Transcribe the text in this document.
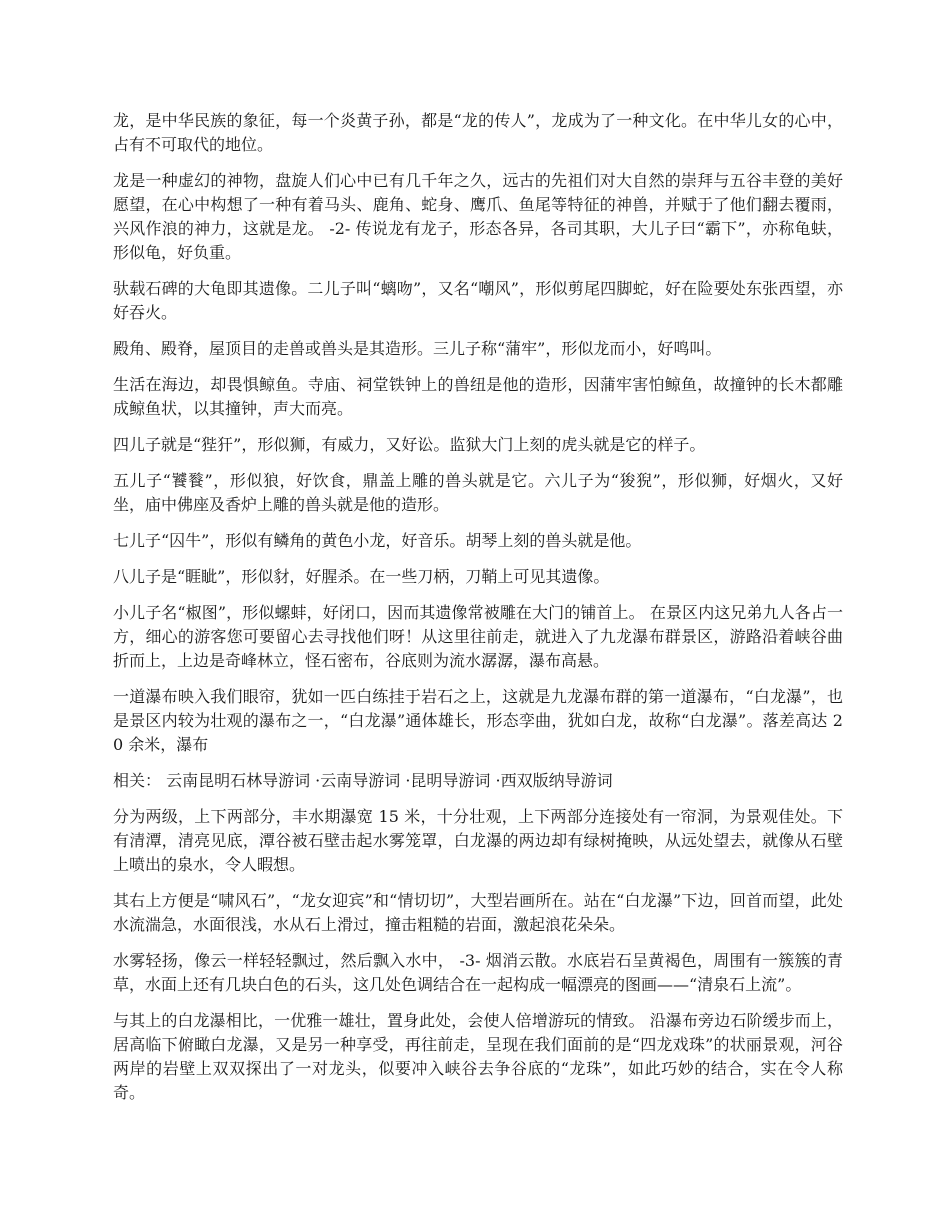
龙，是中华民族的象征，每一个炎黄子孙，都是“龙的传人”，龙成为了一种文化。在中华儿女的心中，占有不可取代的地位。

龙是一种虚幻的神物，盘旋人们心中已有几千年之久，远古的先祖们对大自然的崇拜与五谷丰登的美好愿望，在心中构想了一种有着马头、鹿角、蛇身、鹰爪、鱼尾等特征的神兽，并赋于了他们翻去覆雨，兴风作浪的神力，这就是龙。 -2- 传说龙有龙子，形态各异，各司其职，大儿子曰“霸下”，亦称龟蚨，形似龟，好负重。

驮载石碑的大龟即其遗像。二儿子叫“螭吻”，又名“嘲风”，形似剪尾四脚蛇，好在险要处东张西望，亦好吞火。

殿角、殿脊，屋顶目的走兽或兽头是其造形。三儿子称“蒲牢”，形似龙而小，好鸣叫。

生活在海边，却畏惧鲸鱼。寺庙、祠堂铁钟上的兽纽是他的造形，因蒲牢害怕鲸鱼，故撞钟的长木都雕成鲸鱼状，以其撞钟，声大而亮。

四儿子就是“狴犴”，形似狮，有威力，又好讼。监狱大门上刻的虎头就是它的样子。

五儿子“饕餮”，形似狼，好饮食，鼎盖上雕的兽头就是它。六儿子为“狻猊”，形似狮，好烟火，又好坐，庙中佛座及香炉上雕的兽头就是他的造形。

七儿子“囚牛”，形似有鳞角的黄色小龙，好音乐。胡琴上刻的兽头就是他。

八儿子是“睚眦”，形似豺，好腥杀。在一些刀柄，刀鞘上可见其遗像。

小儿子名“椒图”，形似螺蚌，好闭口，因而其遗像常被雕在大门的铺首上。 在景区内这兄弟九人各占一方，细心的游客您可要留心去寻找他们呀！从这里往前走，就进入了九龙瀑布群景区，游路沿着峡谷曲折而上，上边是奇峰林立，怪石密布，谷底则为流水潺潺，瀑布高悬。

一道瀑布映入我们眼帘，犹如一匹白练挂于岩石之上，这就是九龙瀑布群的第一道瀑布，“白龙瀑”，也是景区内较为壮观的瀑布之一，“白龙瀑”通体雄长，形态孪曲，犹如白龙，故称“白龙瀑”。落差高达 20 余米，瀑布

相关： 云南昆明石林导游词 ·云南导游词 ·昆明导游词 ·西双版纳导游词

分为两级，上下两部分，丰水期瀑宽 15 米，十分壮观，上下两部分连接处有一帘洞，为景观佳处。下有清潭，清亮见底，潭谷被石壁击起水雾笼罩，白龙瀑的两边却有绿树掩映，从远处望去，就像从石壁上喷出的泉水，令人暇想。

其右上方便是“啸风石”，“龙女迎宾”和“情切切”，大型岩画所在。站在“白龙瀑”下边，回首而望，此处水流湍急，水面很浅，水从石上滑过，撞击粗糙的岩面，激起浪花朵朵。

水雾轻扬，像云一样轻轻飘过，然后飘入水中， -3- 烟消云散。水底岩石呈黄褐色，周围有一簇簇的青草，水面上还有几块白色的石头，这几处色调结合在一起构成一幅漂亮的图画——“清泉石上流”。

与其上的白龙瀑相比，一优雅一雄壮，置身此处，会使人倍增游玩的情致。 沿瀑布旁边石阶缓步而上，居高临下俯瞰白龙瀑，又是另一种享受，再往前走，呈现在我们面前的是“四龙戏珠”的状丽景观，河谷两岸的岩壁上双双探出了一对龙头，似要冲入峡谷去争谷底的“龙珠”，如此巧妙的结合，实在令人称奇。
